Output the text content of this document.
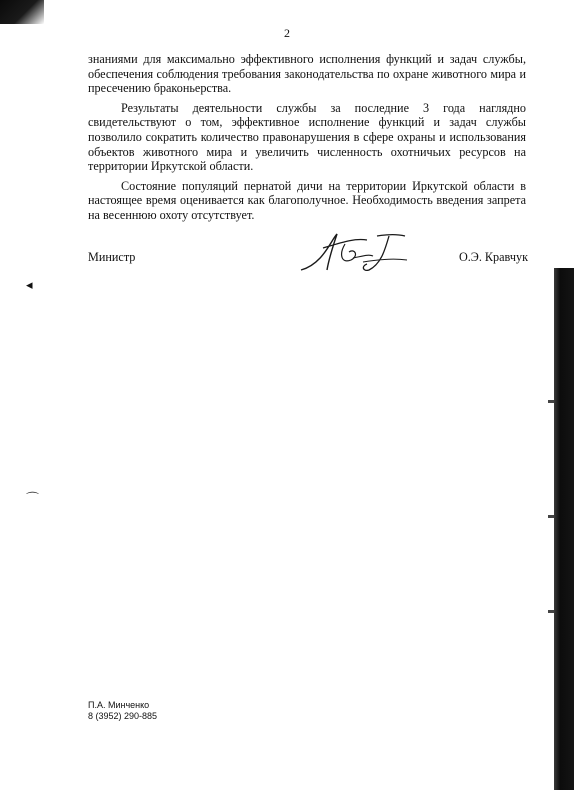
◂
⌒
2

знаниями для максимально эффективного исполнения функций и задач службы, обеспечения соблюдения требования законодательства по охране животного мира и пресечению браконьерства.

Результаты деятельности службы за последние 3 года наглядно свидетельствуют о том, эффективное исполнение функций и задач службы позволило сократить количество правонарушения в сфере охраны и использования объектов животного мира и увеличить численность охотничьих ресурсов на территории Иркутской области.

Состояние популяций пернатой дичи на территории Иркутской области в настоящее время оценивается как благополучное. Необходимость введения запрета на весеннюю охоту отсутствует.

Министр	О.Э. Кравчук
П.А. Минченко
8 (3952) 290-885
